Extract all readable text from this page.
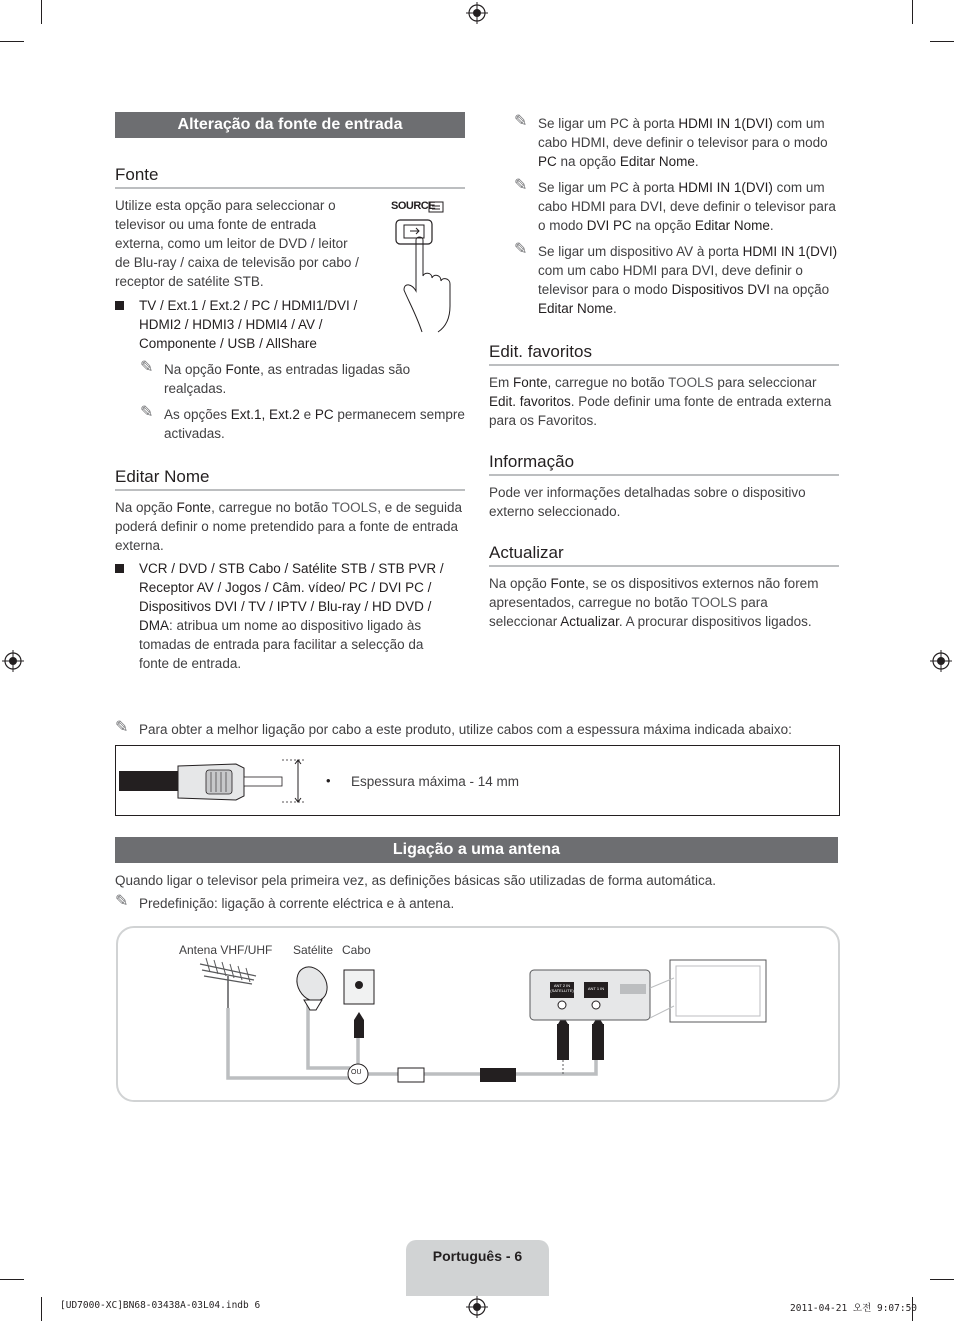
Alteração da fonte de entrada
Fonte
Utilize esta opção para seleccionar o televisor ou uma fonte de entrada externa, como um leitor de DVD / leitor de Blu-ray / caixa de televisão por cabo / receptor de satélite STB.
SOURCE
TV / Ext.1 / Ext.2 / PC / HDMI1/DVI / HDMI2 / HDMI3 / HDMI4 / AV / Componente / USB / AllShare
✎ Na opção Fonte, as entradas ligadas são realçadas.
✎ As opções Ext.1, Ext.2 e PC permanecem sempre activadas.
Editar Nome
Na opção Fonte, carregue no botão TOOLS, e de seguida poderá definir o nome pretendido para a fonte de entrada externa.
VCR / DVD / STB Cabo / Satélite STB / STB PVR / Receptor AV / Jogos / Câm. vídeo/ PC / DVI PC / Dispositivos DVI / TV / IPTV / Blu-ray / HD DVD / DMA: atribua um nome ao dispositivo ligado às tomadas de entrada para facilitar a selecção da fonte de entrada.
✎ Se ligar um PC à porta HDMI IN 1(DVI) com um cabo HDMI, deve definir o televisor para o modo PC na opção Editar Nome.
✎ Se ligar um PC à porta HDMI IN 1(DVI) com um cabo HDMI para DVI, deve definir o televisor para o modo DVI PC na opção Editar Nome.
✎ Se ligar um dispositivo AV à porta HDMI IN 1(DVI) com um cabo HDMI para DVI, deve definir o televisor para o modo Dispositivos DVI na opção Editar Nome.
Edit. favoritos
Em Fonte, carregue no botão TOOLS para seleccionar Edit. favoritos. Pode definir uma fonte de entrada externa para os Favoritos.
Informação
Pode ver informações detalhadas sobre o dispositivo externo seleccionado.
Actualizar
Na opção Fonte, se os dispositivos externos não forem apresentados, carregue no botão TOOLS para seleccionar Actualizar. A procurar dispositivos ligados.
✎ Para obter a melhor ligação por cabo a este produto, utilize cabos com a espessura máxima indicada abaixo:
• Espessura máxima - 14 mm
Ligação a uma antena
Quando ligar o televisor pela primeira vez, as definições básicas são utilizadas de forma automática.
✎ Predefinição: ligação à corrente eléctrica e à antena.
Antena VHF/UHF Satélite Cabo
OU
ANT 2 IN (SATELLITE)	ANT 1 IN
Português - 6
[UD7000-XC]BN68-03438A-03L04.indb 6	2011-04-21 오전 9:07:50
